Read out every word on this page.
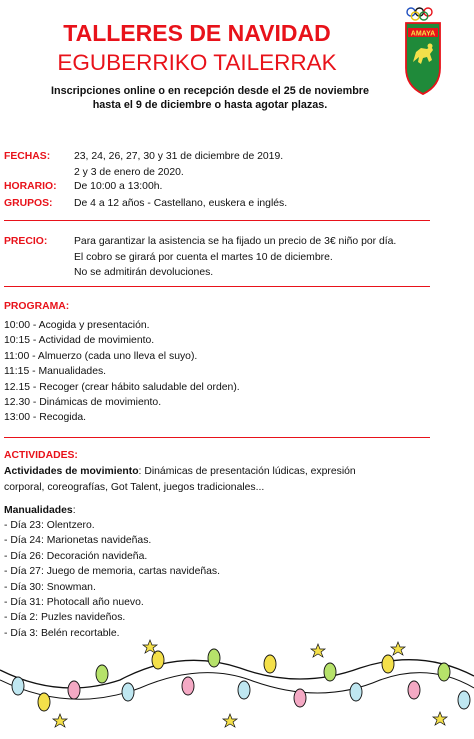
TALLERES DE NAVIDAD
EGUBERRIKO TAILERRAK
Inscripciones online o en recepción desde el 25 de noviembre
hasta el 9 de diciembre o hasta agotar plazas.
AMAYA
FECHAS: 23, 24, 26, 27, 30 y 31 de diciembre de 2019.
2 y 3 de enero de 2020.
HORARIO: De 10:00 a 13:00h.
GRUPOS: De 4 a 12 años - Castellano, euskera e inglés.
PRECIO:	Para garantizar la asistencia se ha fijado un precio de 3€ niño por día.
El cobro se girará por cuenta el martes 10 de diciembre.
No se admitirán devoluciones.
PROGRAMA:
10:00 - Acogida y presentación.
10:15 - Actividad de movimiento.
11:00 - Almuerzo (cada uno lleva el suyo).
11:15 - Manualidades.
12.15 - Recoger (crear hábito saludable del orden).
12.30 - Dinámicas de movimiento.
13:00 - Recogida.
ACTIVIDADES:
Actividades de movimiento: Dinámicas de presentación lúdicas, expresión
corporal, coreografías, Got Talent, juegos tradicionales...
Manualidades:
- Día 23: Olentzero.
- Día 24: Marionetas navideñas.
- Día 26: Decoración navideña.
- Día 27: Juego de memoria, cartas navideñas.
- Día 30: Snowman.
- Día 31: Photocall año nuevo.
- Día 2: Puzles navideños.
- Día 3: Belén recortable.
